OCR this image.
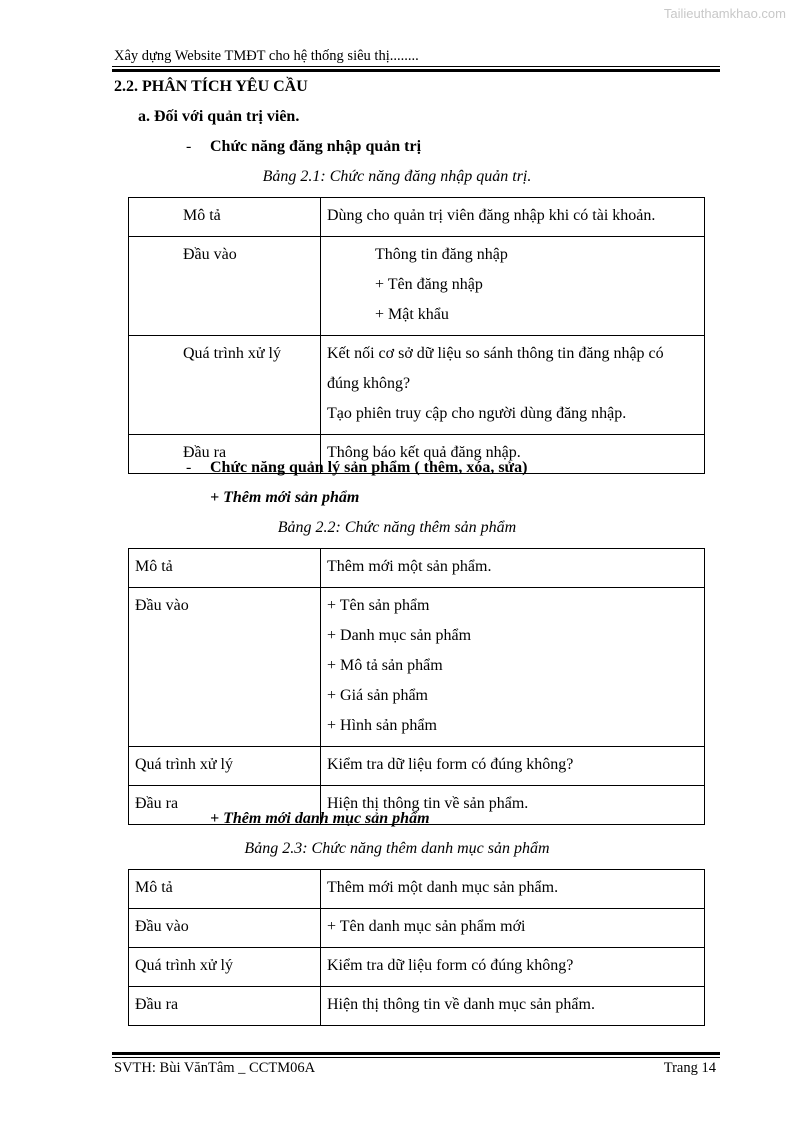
Tailieuthamkhao.com
Xây dựng Website TMĐT cho hệ thống siêu thị........
2.2. PHÂN TÍCH YÊU CẦU
a. Đối với quản trị viên.
- Chức năng đăng nhập quản trị
Bảng 2.1: Chức năng đăng nhập quản trị.
Mô tả	Dùng cho quản trị viên đăng nhập khi có tài khoản.

Đầu vào	Thông tin đăng nhập
+ Tên đăng nhập
+ Mật khẩu

Quá trình xử lý	Kết nối cơ sở dữ liệu so sánh thông tin đăng nhập có
đúng không?
Tạo phiên truy cập cho người dùng đăng nhập.

Đầu ra	Thông báo kết quả đăng nhập.
- Chức năng quản lý sản phẩm ( thêm, xóa, sửa)
+ Thêm mới sản phẩm
Bảng 2.2: Chức năng thêm sản phẩm
Mô tả	Thêm mới một sản phẩm.

Đầu vào	+ Tên sản phẩm
+ Danh mục sản phẩm
+ Mô tả sản phẩm
+ Giá sản phẩm
+ Hình sản phẩm

Quá trình xử lý	Kiểm tra dữ liệu form có đúng không?

Đầu ra	Hiện thị thông tin về sản phẩm.
+ Thêm mới danh mục sản phẩm
Bảng 2.3: Chức năng thêm danh mục sản phẩm
Mô tả	Thêm mới một danh mục sản phẩm.

Đầu vào	+ Tên danh mục sản phẩm mới

Quá trình xử lý	Kiểm tra dữ liệu form có đúng không?

Đầu ra	Hiện thị thông tin về danh mục sản phẩm.
SVTH: Bùi VănTâm _ CCTM06A	Trang 14
